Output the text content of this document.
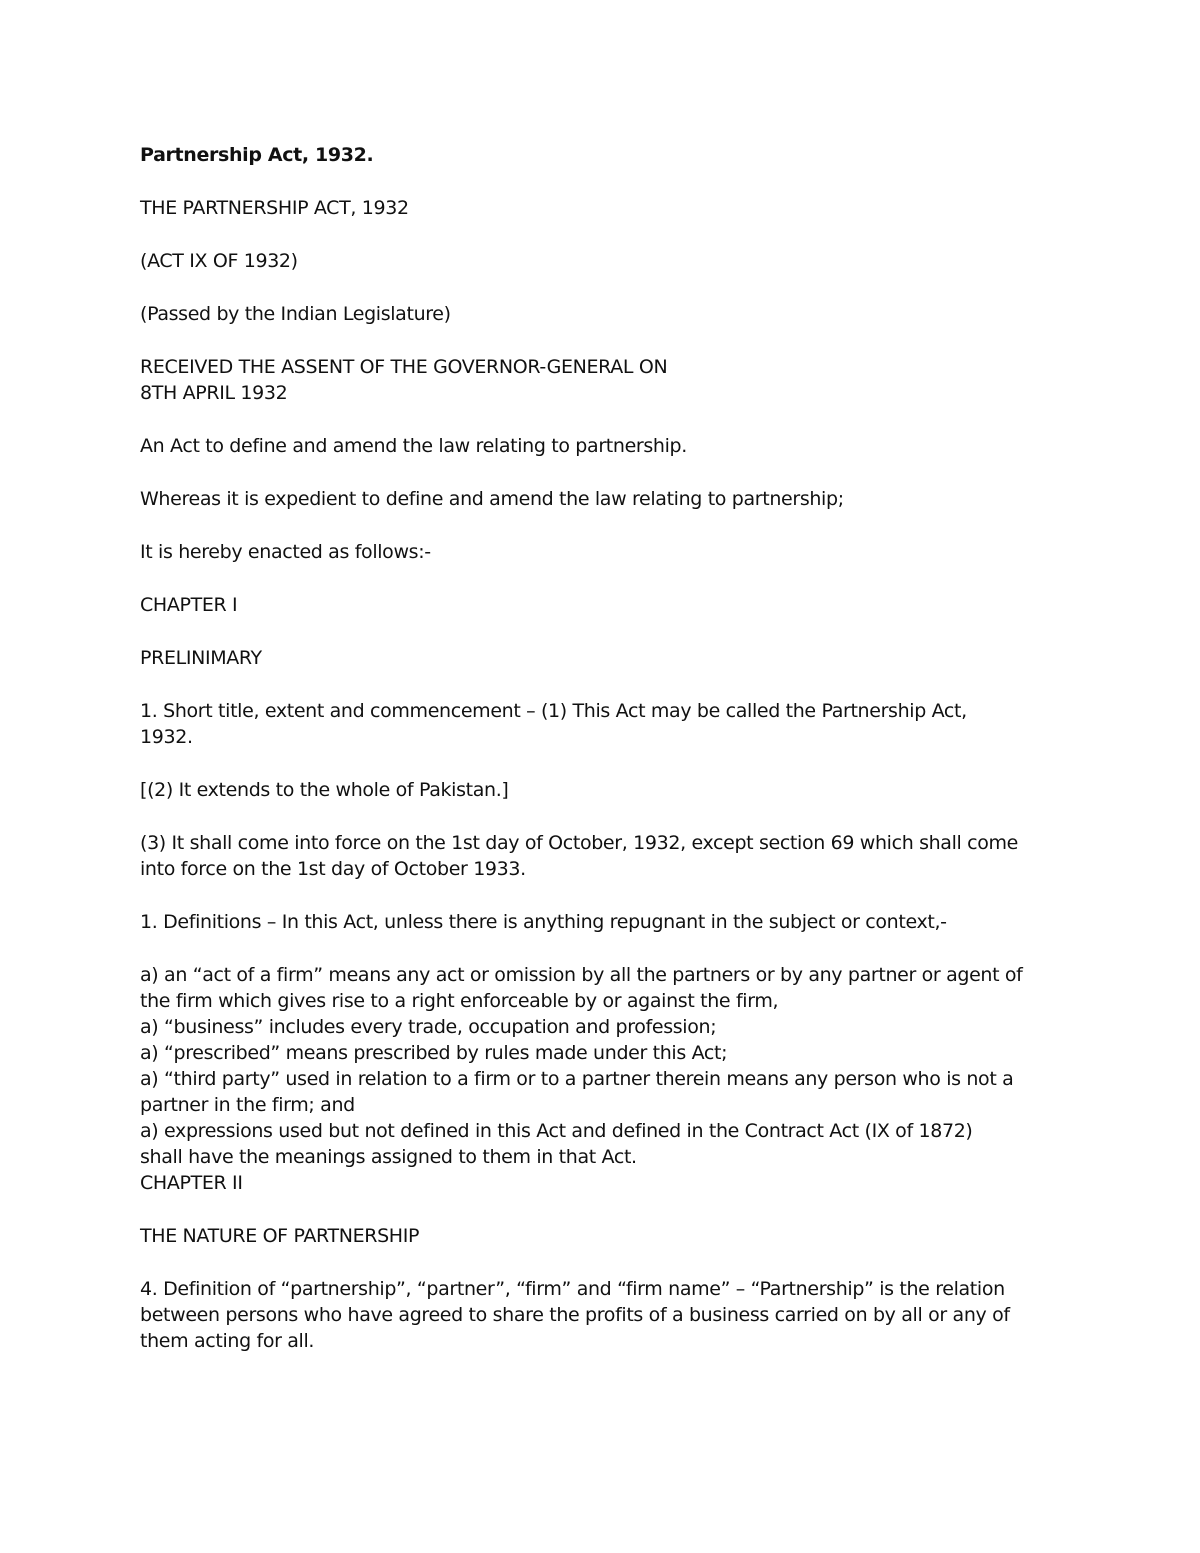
Partnership Act, 1932.
THE PARTNERSHIP ACT, 1932
(ACT IX OF 1932)
(Passed by the Indian Legislature)
RECEIVED THE ASSENT OF THE GOVERNOR-GENERAL ON
8TH APRIL 1932
An Act to define and amend the law relating to partnership.
Whereas it is expedient to define and amend the law relating to partnership;
It is hereby enacted as follows:-
CHAPTER I
PRELINIMARY
1. Short title, extent and commencement – (1) This Act may be called the Partnership Act,
1932.
[(2) It extends to the whole of Pakistan.]
(3) It shall come into force on the 1st day of October, 1932, except section 69 which shall come
into force on the 1st day of October 1933.
1. Definitions – In this Act, unless there is anything repugnant in the subject or context,-
a) an “act of a firm” means any act or omission by all the partners or by any partner or agent of
the firm which gives rise to a right enforceable by or against the firm,
a) “business” includes every trade, occupation and profession;
a) “prescribed” means prescribed by rules made under this Act;
a) “third party” used in relation to a firm or to a partner therein means any person who is not a
partner in the firm; and
a) expressions used but not defined in this Act and defined in the Contract Act (IX of 1872)
shall have the meanings assigned to them in that Act.
CHAPTER II
THE NATURE OF PARTNERSHIP
4. Definition of “partnership”, “partner”, “firm” and “firm name” – “Partnership” is the relation
between persons who have agreed to share the profits of a business carried on by all or any of
them acting for all.
